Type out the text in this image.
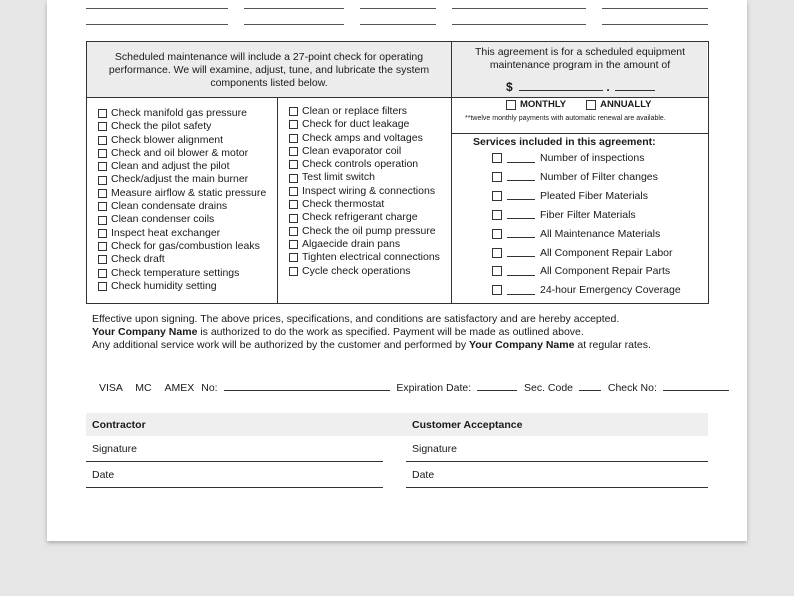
Scheduled maintenance will include a 27-point check for operating performance. We will examine, adjust, tune, and lubricate the system components listed below.
This agreement is for a scheduled equipment maintenance program in the amount of
$	.
MONTHLY	ANNUALLY
**twelve monthly payments with automatic renewal are available.
Services included in this agreement:
Number of inspections
Number of Filter changes
Pleated Fiber Materials
Fiber Filter Materials
All Maintenance Materials
All Component Repair Labor
All Component Repair Parts
24-hour Emergency Coverage
Check manifold gas pressure
Check the pilot safety
Check blower alignment
Check and oil blower & motor
Clean and adjust the pilot
Check/adjust the main burner
Measure airflow & static pressure
Clean condensate drains
Clean condenser coils
Inspect heat exchanger
Check for gas/combustion leaks
Check draft
Check temperature settings
Check humidity setting
Clean or replace filters
Check for duct leakage
Check amps and voltages
Clean evaporator coil
Check controls operation
Test limit switch
Inspect wiring & connections
Check thermostat
Check refrigerant charge
Check the oil pump pressure
Algaecide drain pans
Tighten electrical connections
Cycle check operations
Effective upon signing. The above prices, specifications, and conditions are satisfactory and are hereby accepted.
Your Company Name is authorized to do the work as specified. Payment will be made as outlined above.
Any additional service work will be authorized by the customer and performed by Your Company Name at regular rates.
VISA MC AMEX No:	Expiration Date:	Sec. Code	Check No:
Contractor	Customer Acceptance
Signature
Date
Signature
Date
